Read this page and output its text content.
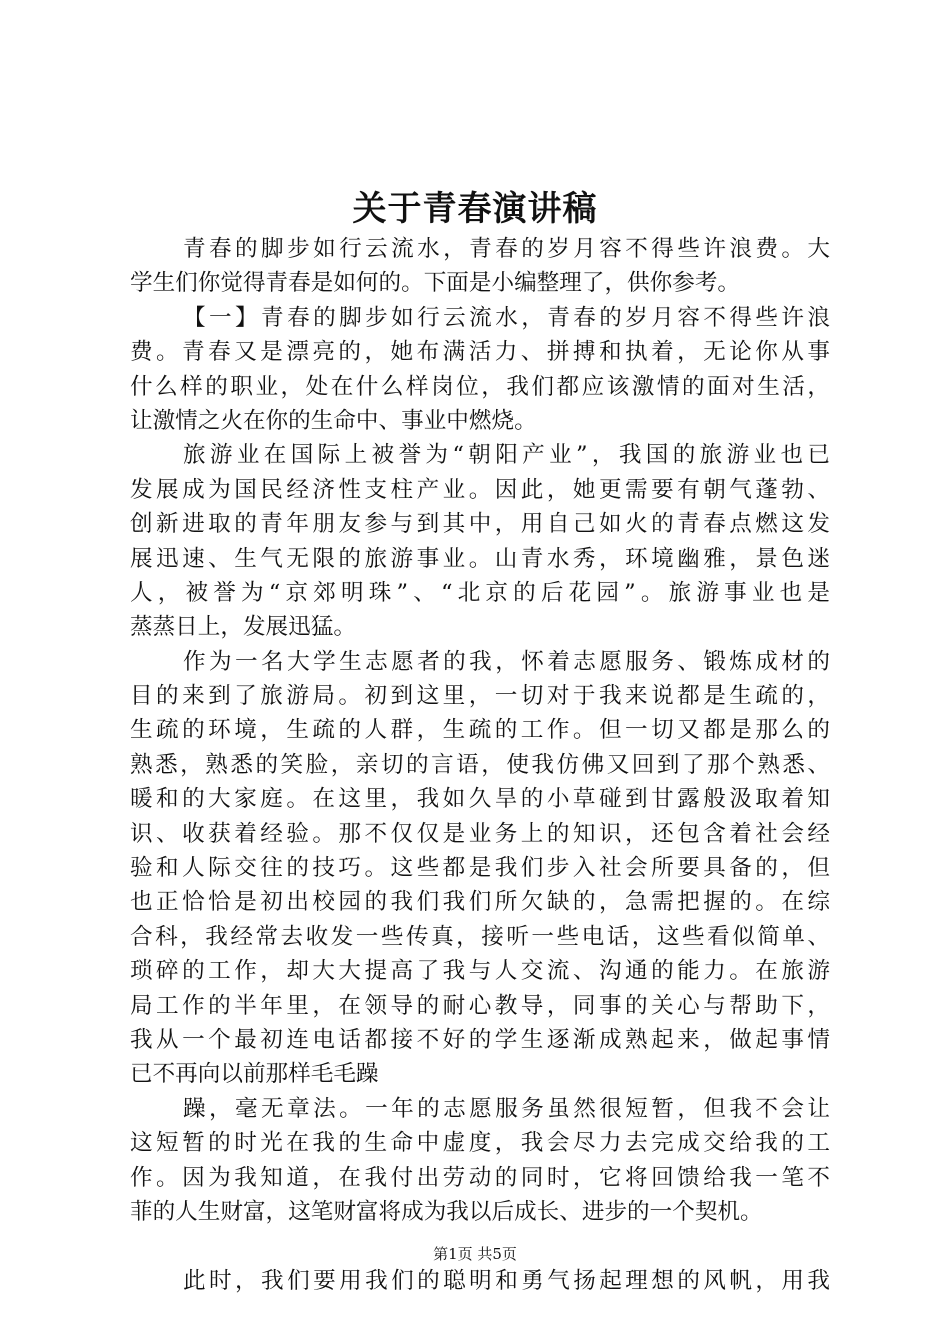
关于青春演讲稿
青春的脚步如行云流水，青春的岁月容不得些许浪费。大
学生们你觉得青春是如何的。下面是小编整理了，供你参考。
【一】青春的脚步如行云流水，青春的岁月容不得些许浪
费。青春又是漂亮的，她布满活力、拼搏和执着，无论你从事
什么样的职业，处在什么样岗位，我们都应该激情的面对生活，
让激情之火在你的生命中、事业中燃烧。
旅游业在国际上被誉为“朝阳产业”，我国的旅游业也已
发展成为国民经济性支柱产业。因此，她更需要有朝气蓬勃、
创新进取的青年朋友参与到其中，用自己如火的青春点燃这发
展迅速、生气无限的旅游事业。山青水秀，环境幽雅，景色迷
人，被誉为“京郊明珠”、“北京的后花园”。旅游事业也是
蒸蒸日上，发展迅猛。
作为一名大学生志愿者的我，怀着志愿服务、锻炼成材的
目的来到了旅游局。初到这里，一切对于我来说都是生疏的，
生疏的环境，生疏的人群，生疏的工作。但一切又都是那么的
熟悉，熟悉的笑脸，亲切的言语，使我仿佛又回到了那个熟悉、
暖和的大家庭。在这里，我如久旱的小草碰到甘露般汲取着知
识、收获着经验。那不仅仅是业务上的知识，还包含着社会经
验和人际交往的技巧。这些都是我们步入社会所要具备的，但
也正恰恰是初出校园的我们我们所欠缺的，急需把握的。在综
合科，我经常去收发一些传真，接听一些电话，这些看似简单、
琐碎的工作，却大大提高了我与人交流、沟通的能力。在旅游
局工作的半年里，在领导的耐心教导，同事的关心与帮助下，
我从一个最初连电话都接不好的学生逐渐成熟起来，做起事情
已不再向以前那样毛毛躁
躁，毫无章法。一年的志愿服务虽然很短暂，但我不会让
这短暂的时光在我的生命中虚度，我会尽力去完成交给我的工
作。因为我知道，在我付出劳动的同时，它将回馈给我一笔不
菲的人生财富，这笔财富将成为我以后成长、进步的一个契机。
此时，我们要用我们的聪明和勇气扬起理想的风帆，用我
第1页 共5页
